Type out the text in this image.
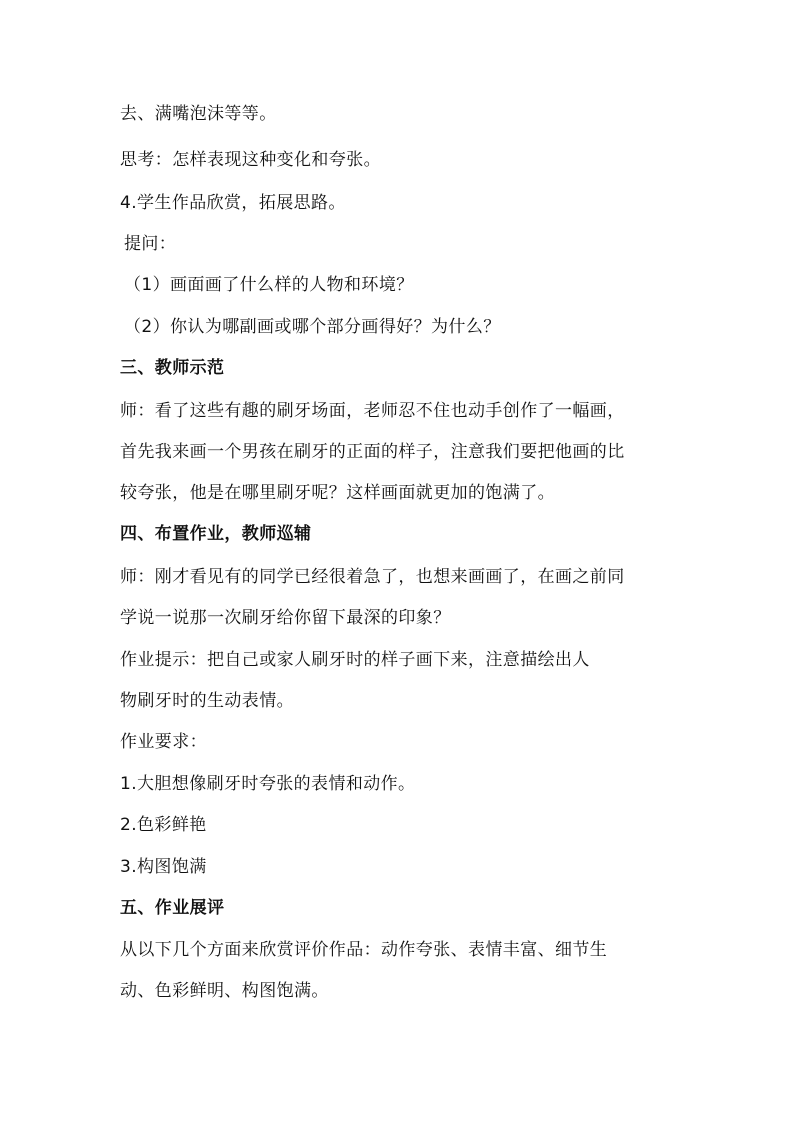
去、满嘴泡沫等等。

思考：怎样表现这种变化和夸张。

4.学生作品欣赏，拓展思路。

提问：

（1）画面画了什么样的人物和环境？

（2）你认为哪副画或哪个部分画得好？为什么？

三、教师示范

师：看了这些有趣的刷牙场面，老师忍不住也动手创作了一幅画，

首先我来画一个男孩在刷牙的正面的样子，注意我们要把他画的比

较夸张，他是在哪里刷牙呢？这样画面就更加的饱满了。

四、布置作业，教师巡辅

师：刚才看见有的同学已经很着急了，也想来画画了，在画之前同

学说一说那一次刷牙给你留下最深的印象？

作业提示：把自己或家人刷牙时的样子画下来，注意描绘出人

物刷牙时的生动表情。

作业要求：

1.大胆想像刷牙时夸张的表情和动作。

2.色彩鲜艳

3.构图饱满

五、作业展评

从以下几个方面来欣赏评价作品：动作夸张、表情丰富、细节生

动、色彩鲜明、构图饱满。
